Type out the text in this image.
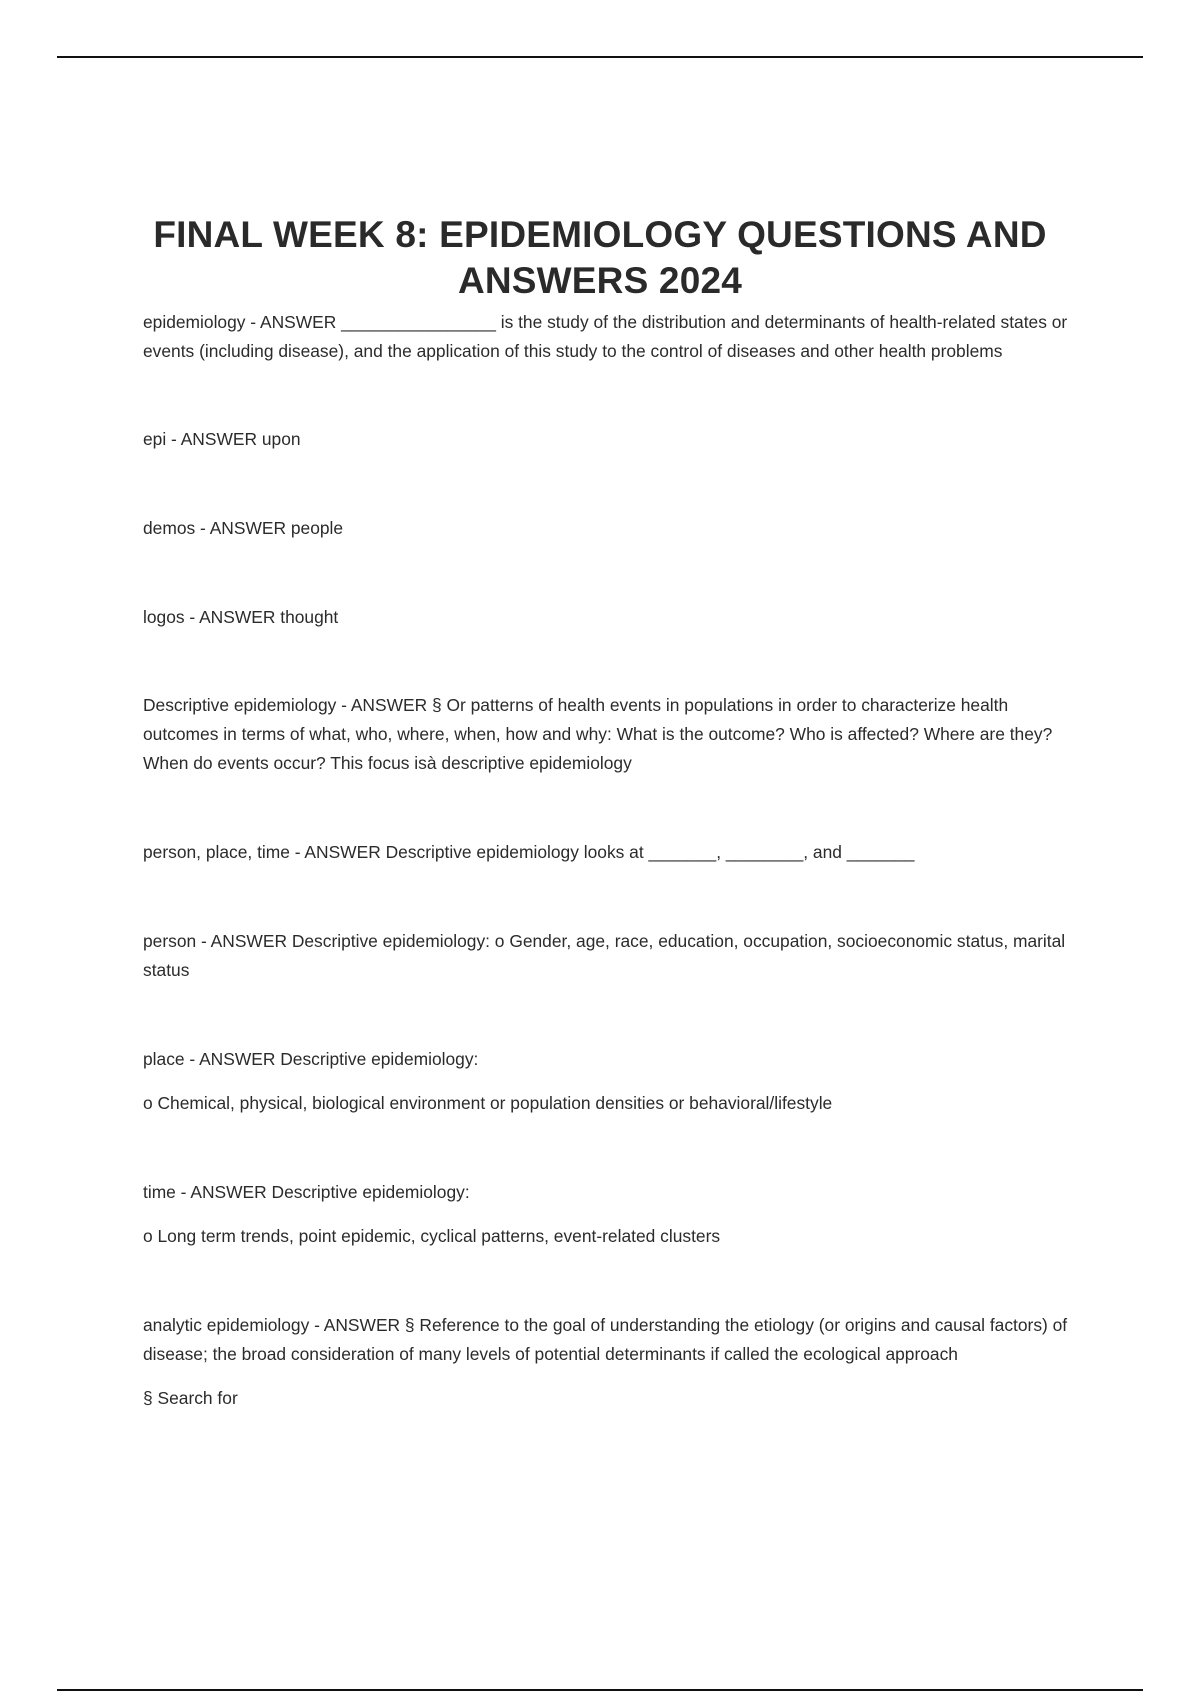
FINAL WEEK 8: EPIDEMIOLOGY QUESTIONS AND ANSWERS 2024

epidemiology - ANSWER ________________ is the study of the distribution and determinants of health-related states or events (including disease), and the application of this study to the control of diseases and other health problems

epi - ANSWER upon

demos - ANSWER people

logos - ANSWER thought

Descriptive epidemiology - ANSWER § Or patterns of health events in populations in order to characterize health outcomes in terms of what, who, where, when, how and why: What is the outcome? Who is affected? Where are they? When do events occur? This focus isà descriptive epidemiology

person, place, time - ANSWER Descriptive epidemiology looks at _______, ________, and _______

person - ANSWER Descriptive epidemiology: o Gender, age, race, education, occupation, socioeconomic status, marital status

place - ANSWER Descriptive epidemiology:

o Chemical, physical, biological environment or population densities or behavioral/lifestyle

time - ANSWER Descriptive epidemiology:

o Long term trends, point epidemic, cyclical patterns, event-related clusters

analytic epidemiology - ANSWER § Reference to the goal of understanding the etiology (or origins and causal factors) of disease; the broad consideration of many levels of potential determinants if called the ecological approach

§ Search for
